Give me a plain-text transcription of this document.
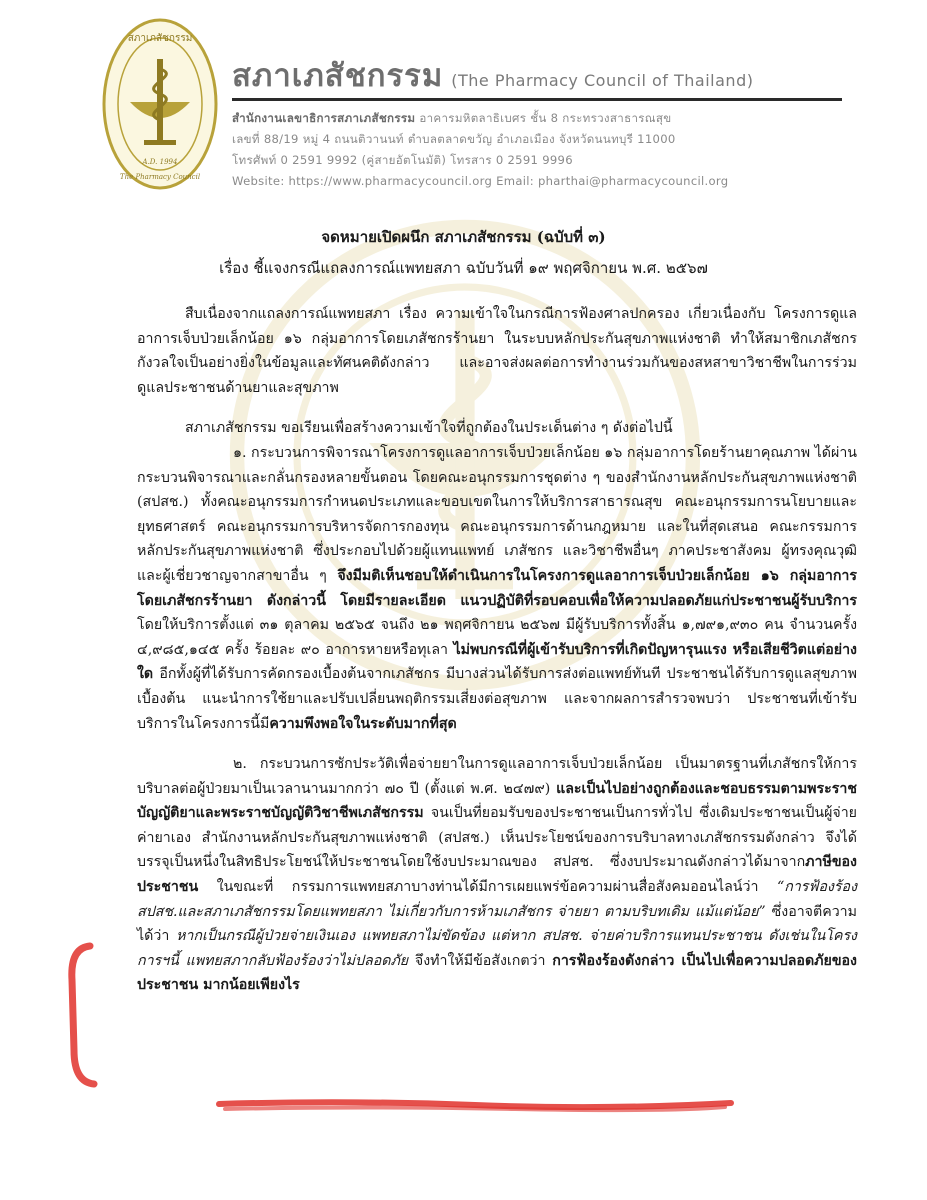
สภาเภสัชกรรม
A.D. 1994
The Pharmacy Council
สภาเภสัชกรรม (The Pharmacy Council of Thailand)
สำนักงานเลขาธิการสภาเภสัชกรรม อาคารมหิตลาธิเบศร ชั้น 8 กระทรวงสาธารณสุข
เลขที่ 88/19 หมู่ 4 ถนนติวานนท์ ตำบลตลาดขวัญ อำเภอเมือง จังหวัดนนทบุรี 11000
โทรศัพท์ 0 2591 9992 (คู่สายอัตโนมัติ) โทรสาร 0 2591 9996
Website: https://www.pharmacycouncil.org Email: pharthai@pharmacycouncil.org
จดหมายเปิดผนึก สภาเภสัชกรรม (ฉบับที่ ๓)
เรื่อง ชี้แจงกรณีแถลงการณ์แพทยสภา ฉบับวันที่ ๑๙ พฤศจิกายน พ.ศ. ๒๕๖๗

สืบเนื่องจากแถลงการณ์แพทยสภา เรื่อง ความเข้าใจในกรณีการฟ้องศาลปกครอง เกี่ยวเนื่องกับ โครงการดูแลอาการเจ็บป่วยเล็กน้อย ๑๖ กลุ่มอาการโดยเภสัชกรร้านยา ในระบบหลักประกันสุขภาพแห่งชาติ ทำให้สมาชิกเภสัชกรกังวลใจเป็นอย่างยิ่งในข้อมูลและทัศนคติดังกล่าว และอาจส่งผลต่อการทำงานร่วมกันของสหสาขาวิชาชีพในการร่วมดูแลประชาชนด้านยาและสุขภาพ

สภาเภสัชกรรม ขอเรียนเพื่อสร้างความเข้าใจที่ถูกต้องในประเด็นต่าง ๆ ดังต่อไปนี้

๑. กระบวนการพิจารณาโครงการดูแลอาการเจ็บป่วยเล็กน้อย ๑๖ กลุ่มอาการโดยร้านยาคุณภาพ ได้ผ่านกระบวนพิจารณาและกลั่นกรองหลายขั้นตอน โดยคณะอนุกรรมการชุดต่าง ๆ ของสำนักงานหลักประกันสุขภาพแห่งชาติ (สปสช.) ทั้งคณะอนุกรรมการกำหนดประเภทและขอบเขตในการให้บริการสาธารณสุข คณะอนุกรรมการนโยบายและยุทธศาสตร์ คณะอนุกรรมการบริหารจัดการกองทุน คณะอนุกรรมการด้านกฎหมาย และในที่สุดเสนอ คณะกรรมการหลักประกันสุขภาพแห่งชาติ ซึ่งประกอบไปด้วยผู้แทนแพทย์ เภสัชกร และวิชาชีพอื่นๆ ภาคประชาสังคม ผู้ทรงคุณวุฒิ และผู้เชี่ยวชาญจากสาขาอื่น ๆ จึงมีมติเห็นชอบให้ดำเนินการในโครงการดูแลอาการเจ็บป่วยเล็กน้อย ๑๖ กลุ่มอาการโดยเภสัชกรร้านยา ดังกล่าวนี้ โดยมีรายละเอียด แนวปฏิบัติที่รอบคอบเพื่อให้ความปลอดภัยแก่ประชาชนผู้รับบริการ โดยให้บริการตั้งแต่ ๓๑ ตุลาคม ๒๕๖๕ จนถึง ๒๑ พฤศจิกายน ๒๕๖๗ มีผู้รับบริการทั้งสิ้น ๑,๗๙๑,๙๓๐ คน จำนวนครั้ง ๔,๙๘๕,๑๔๕ ครั้ง ร้อยละ ๙๐ อาการหายหรือทุเลา ไม่พบกรณีที่ผู้เข้ารับบริการที่เกิดปัญหารุนแรง หรือเสียชีวิตแต่อย่างใด อีกทั้งผู้ที่ได้รับการคัดกรองเบื้องต้นจากเภสัชกร มีบางส่วนได้รับการส่งต่อแพทย์ทันที ประชาชนได้รับการดูแลสุขภาพเบื้องต้น แนะนำการใช้ยาและปรับเปลี่ยนพฤติกรรมเสี่ยงต่อสุขภาพ และจากผลการสำรวจพบว่า ประชาชนที่เข้ารับบริการในโครงการนี้มีความพึงพอใจในระดับมากที่สุด

๒. กระบวนการซักประวัติเพื่อจ่ายยาในการดูแลอาการเจ็บป่วยเล็กน้อย เป็นมาตรฐานที่เภสัชกรให้การบริบาลต่อผู้ป่วยมาเป็นเวลานานมากกว่า ๗๐ ปี (ตั้งแต่ พ.ศ. ๒๔๗๙) และเป็นไปอย่างถูกต้องและชอบธรรมตามพระราชบัญญัติยาและพระราชบัญญัติวิชาชีพเภสัชกรรม จนเป็นที่ยอมรับของประชาชนเป็นการทั่วไป ซึ่งเดิมประชาชนเป็นผู้จ่ายค่ายาเอง สำนักงานหลักประกันสุขภาพแห่งชาติ (สปสช.) เห็นประโยชน์ของการบริบาลทางเภสัชกรรมดังกล่าว จึงได้บรรจุเป็นหนึ่งในสิทธิประโยชน์ให้ประชาชนโดยใช้งบประมาณของ สปสช. ซึ่งงบประมาณดังกล่าวได้มาจากภาษีของประชาชน ในขณะที่ กรรมการแพทยสภาบางท่านได้มีการเผยแพร่ข้อความผ่านสื่อสังคมออนไลน์ว่า “การฟ้องร้อง สปสช.และสภาเภสัชกรรมโดยแพทยสภา ไม่เกี่ยวกับการห้ามเภสัชกร จ่ายยา ตามบริบทเดิม แม้แต่น้อย” ซึ่งอาจตีความได้ว่า หากเป็นกรณีผู้ป่วยจ่ายเงินเอง แพทยสภาไม่ขัดข้อง แต่หาก สปสช. จ่ายค่าบริการแทนประชาชน ดังเช่นในโครงการฯนี้ แพทยสภากลับฟ้องร้องว่าไม่ปลอดภัย จึงทำให้มีข้อสังเกตว่า การฟ้องร้องดังกล่าว เป็นไปเพื่อความปลอดภัยของประชาชน มากน้อยเพียงไร
